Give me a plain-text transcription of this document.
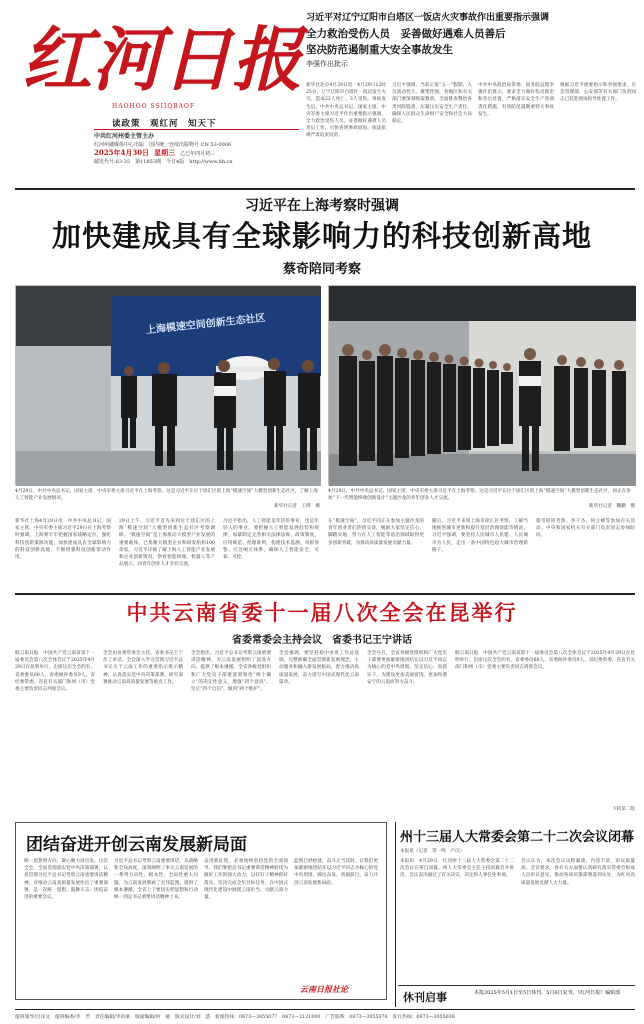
红河日报
HAOHOO SSIIQBAOF
读政策　观红河　知天下
中共红河州委主管主办
红河州融媒体中心出版　 国内统一连续出版物号 CN 53-0006
2025年4月30日　 星期三　 乙巳年四月初三
邮发代号:63-35　 第11853期　 今日4版　 http://www.hh.cn
习近平对辽宁辽阳市白塔区一饭店火灾事故作出重要指示强调
全力救治受伤人员　妥善做好遇难人员善后
坚决防范遏制重大安全事故发生
李强作出批示
新华社北京4月29日电　4月29日12时25分，辽宁辽阳市白塔区一饭店发生火灾，造成22人死亡、3人受伤。事故发生后，中共中央总书记、国家主席、中央军委主席习近平作出重要指示强调，全力救治受伤人员，妥善做好遇难人员善后工作，尽快查明事故原因，依法依规严肃追责问责。
习近平强调，当前正值“五一”假期，人员流动性大、聚集性强，各地区和有关部门要深刻吸取教训，全面排查整治各类风险隐患，压紧压实安全生产责任，确保人民群众生命财产安全和社会大局稳定。
中共中央政治局常委、国务院总理李强作出批示，要求全力做好伤员救治和善后处置，严格落实安全生产各项责任措施，有效防范遏制重特大事故发生。
根据习近平重要指示和李强要求，应急管理部、公安部等有关部门负责同志已赶赴现场指导处置工作。
习近平在上海考察时强调
加快建成具有全球影响力的科技创新高地
蔡奇陪同考察
上海模速空间创新生态社区
4月29日，中共中央总书记、国家主席、中央军委主席习近平在上海考察。这是习近平在位于徐汇区的上海“模速空间”大模型创新生态社区，了解上海人工智能产业发展情况。
新华社记者　王晔　摄
4月29日，中共中央总书记、国家主席、中央军委主席习近平在上海考察。这是习近平在位于徐汇区的上海“模速空间”大模型创新生态社区，同正在参加“下一代智能终端创新设计”主题沙龙的青年创业人才交流。
新华社记者　鞠鹏　摄
新华社上海4月29日电　中共中央总书记、国家主席、中央军委主席习近平29日在上海考察时强调，上海要牢牢把握国家战略定位，强化科技创新策源功能，加快建成具有全球影响力的科技创新高地，不断增强科技创新带动作用。
29日上午，习近平首先来到位于徐汇区的上海“模速空间”大模型创新生态社区考察调研。“模速空间”是上海推动大模型产业发展的重要载体，已集聚大模型企业和研发机构100余家。习近平详细了解上海人工智能产业发展和企业创新情况，察看智能终端、机器人等产品展示，同青年创业人才亲切交流。
习近平指出，人工智能是年轻的事业，也是年轻人的事业。要把握人工智能发展趋势和规律，加紧制定完善相关法律法规、政策制度、应用规范、伦理准则，构建技术监测、风险预警、应急响应体系，确保人工智能安全、可靠、可控。
在“模速空间”，习近平同正在参加主题沙龙的青年创业者们热情交谈，勉励大家坚定信心、脚踏实地，努力在人工智能等前沿领域取得更多创新突破，为推动高质量发展贡献力量。
随后，习近平来到上海市徐汇区考察，了解当地推进城市更新和提升基层治理效能等情况。习近平强调，要坚持人民城市人民建、人民城市为人民，走出一条中国特色超大城市治理新路子。
蔡奇陪同考察。李干杰、何立峰等参加有关活动。中央和国家机关有关部门负责同志参加陪同。
中共云南省委十一届八次全会在昆举行
省委常委会主持会议　省委书记王宁讲话
据云南日报　中国共产党云南省第十一届委员会第八次全体会议于2025年4月29日在昆明举行。出席这次全会的有，省委委员68人，省委候补委员9人。省纪委常委，省直有关部门和州（市）党委主要负责同志列席会议。
全会由省委常委会主持。省委书记王宁作了讲话。全会深入学习贯彻习近平总书记关于云南工作的重要指示批示精神，认真落实党中央决策部署，研究部署推动云南高质量发展等重点工作。
全会指出，习近平总书记考察云南重要讲话精神，为云南发展指明了前进方向、提供了根本遵循。全省各级党组织和广大党员干部要深刻领悟“两个确立”的决定性意义，增强“四个意识”、坚定“四个自信”、做到“两个维护”。
全会强调，要坚持稳中求进工作总基调，完整准确全面贯彻新发展理念，主动服务和融入新发展格局，着力推动高质量发展，奋力谱写中国式现代化云南篇章。
全会号召，全省各级党组织和广大党员干部要更加紧密地团结在以习近平同志为核心的党中央周围，坚定信心、真抓实干，为建设更加美丽富饶、更加和谐安宁的云南而努力奋斗。
据云南日报　中国共产党云南省第十一届委员会第八次全体会议于2025年4月29日在昆明举行。出席这次全会的有，省委委员68人，省委候补委员9人。省纪委常委，省直有关部门和州（市）党委主要负责同志列席会议。
下转第二版
团结奋进开创云南发展新局面
统一思想明方向，凝心聚力再出发。这次全会，全面贯彻落实党中央决策部署，认真贯彻习近平总书记考察云南重要讲话精神，对推动云南高质量发展作出了重要部署，是一次统一思想、鼓舞斗志、团结奋进的重要会议。
习近平总书记考察云南重要讲话，从战略和全局高度，深刻阐明了事关云南发展的一系列方向性、根本性、全局性重大问题，为云南发展擘画了宏伟蓝图、提供了根本遵循。全省上下要切实把思想和行动统一到总书记重要讲话精神上来。
奋进新征程，必须始终坚持党的全面领导。我们要把总书记重要讲话精神转化为做好工作的强大动力，以钉钉子精神抓好落实，坚决完成全年目标任务，在中国式现代化建设中展现云南担当、贡献云南力量。
蓝图已经绘就，奋斗正当其时。让我们更加紧密地团结在以习近平同志为核心的党中央周围，踔厉奋发、勇毅前行，奋力开创云南发展新局面。
云南日报社论
州十三届人大常委会第二十二次会议闭幕
本报讯（记者　常一鸣　卢汉）
本报讯　4月29日，红河州十三届人大常委会第二十二次会议在蒙自闭幕。州人大常委会主任主持闭幕会并讲话。会议表决通过了有关决议、决定和人事任免事项。
会议认为，本次会议议程紧凑、内容丰富，审议质量高。会议要求，各有关方面要认真研究落实常委会组成人员审议意见，推动各项决策部署落到实处，为红河高质量发展贡献人大力量。
休刊启事	本报2025年5月1日至5日休刊，5月6日复刊。《红河日报》编辑部
值班领导/吕泽文　值班编委/李　苦　责任编辑/李谊豪　版面编辑/何　敏　版式设计/刘　慧　新闻热线：0873—3055077　0873—2121000　广告联系：0873—3055076　发行热线：0873—3055038
